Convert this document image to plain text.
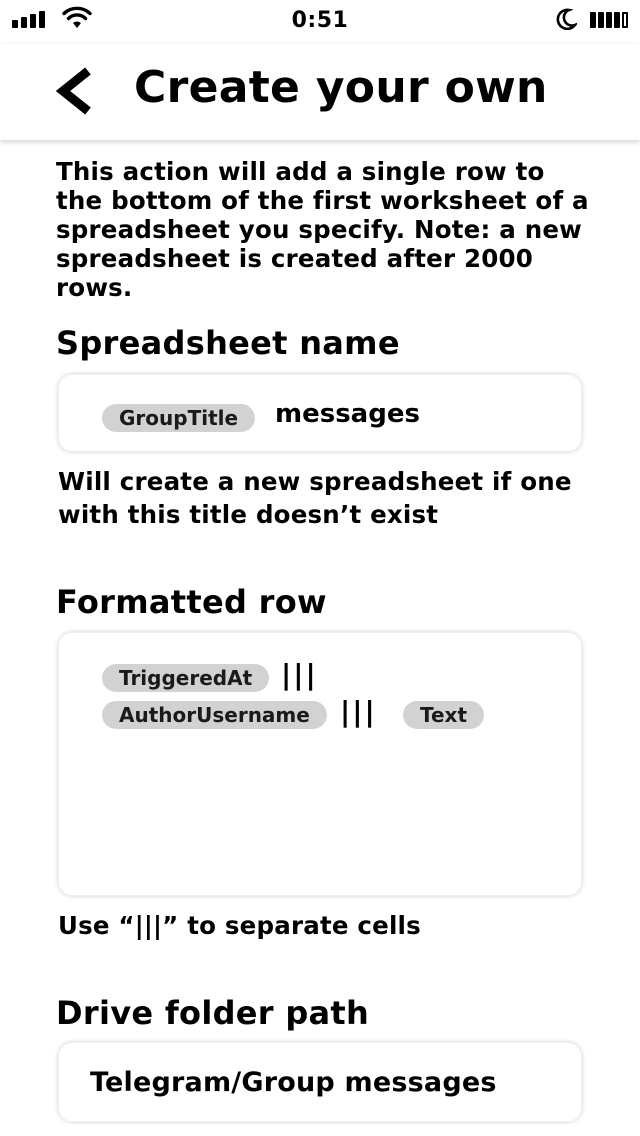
0:51
Create your own
This action will add a single row to the bottom of the first worksheet of a spreadsheet you specify. Note: a new spreadsheet is created after 2000 rows.
Spreadsheet name
GroupTitle	messages
Will create a new spreadsheet if one
with this title doesn’t exist
Formatted row
TriggeredAt	|||
AuthorUsername	|||	Text
Use “|||” to separate cells
Drive folder path
Telegram/Group messages
